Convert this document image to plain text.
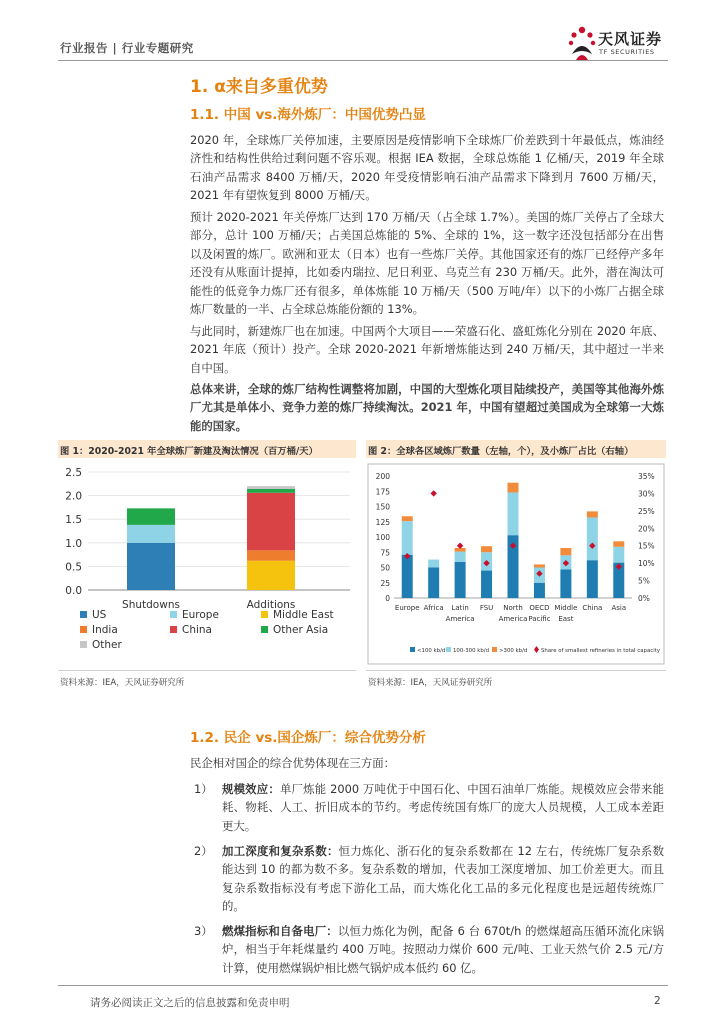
行业报告 | 行业专题研究	天风证券
TF SECURITIES
1. α来自多重优势
1.1. 中国 vs.海外炼厂：中国优势凸显

2020 年，全球炼厂关停加速，主要原因是疫情影响下全球炼厂价差跌到十年最低点，炼油经济性和结构性供给过剩问题不容乐观。根据 IEA 数据，全球总炼能 1 亿桶/天，2019 年全球石油产品需求 8400 万桶/天，2020 年受疫情影响石油产品需求下降到月 7600 万桶/天，2021 年有望恢复到 8000 万桶/天。

预计 2020-2021 年关停炼厂达到 170 万桶/天（占全球 1.7%）。美国的炼厂关停占了全球大部分，总计 100 万桶/天；占美国总炼能的 5%、全球的 1%，这一数字还没包括部分在出售以及闲置的炼厂。欧洲和亚太（日本）也有一些炼厂关停。其他国家还有的炼厂已经停产多年还没有从账面计提掉，比如委内瑞拉、尼日利亚、乌克兰有 230 万桶/天。此外，潜在淘汰可能性的低竞争力炼厂还有很多，单体炼能 10 万桶/天（500 万吨/年）以下的小炼厂占据全球炼厂数量的一半、占全球总炼能份额的 13%。

与此同时，新建炼厂也在加速。中国两个大项目——荣盛石化、盛虹炼化分别在 2020 年底、2021 年底（预计）投产。全球 2020-2021 年新增炼能达到 240 万桶/天，其中超过一半来自中国。

总体来讲，全球的炼厂结构性调整将加剧，中国的大型炼化项目陆续投产，美国等其他海外炼厂尤其是单体小、竞争力差的炼厂持续淘汰。2021 年，中国有望超过美国成为全球第一大炼能的国家。

图 1：2020-2021 年全球炼厂新建及淘汰情况（百万桶/天）
0.0
0.5
1.0
1.5
2.0
2.5
Shutdowns	Additions
US	Europe	Middle East
India	China	Other Asia
Other
资料来源：IEA，天风证券研究所
图 2：全球各区域炼厂数量（左轴，个），及小炼厂占比（右轴）
0
25
50
75
100
125
150
175
200
0%
5%
10%
15%
20%
25%
30%
35%
Europe Africa Latin
America
FSU North
America
OECD
Pacific
Middle
East
China Asia
<100 kb/d 100-300 kb/d >300 kb/d	Share of smallest refineries in total capacity
资料来源：IEA，天风证券研究所
1.2. 民企 vs.国企炼厂：综合优势分析
民企相对国企的综合优势体现在三方面：
1） 规模效应：单厂炼能 2000 万吨优于中国石化、中国石油单厂炼能。规模效应会带来能耗、物耗、人工、折旧成本的节约。考虑传统国有炼厂的庞大人员规模，人工成本差距更大。
2） 加工深度和复杂系数：恒力炼化、浙石化的复杂系数都在 12 左右，传统炼厂复杂系数能达到 10 的都为数不多。复杂系数的增加，代表加工深度增加、加工价差更大。而且复杂系数指标没有考虑下游化工品，而大炼化化工品的多元化程度也是远超传统炼厂的。
3） 燃煤指标和自备电厂：以恒力炼化为例，配备 6 台 670t/h 的燃煤超高压循环流化床锅炉，相当于年耗煤量约 400 万吨。按照动力煤价 600 元/吨、工业天然气价 2.5 元/方计算，使用燃煤锅炉相比燃气锅炉成本低约 60 亿。
请务必阅读正文之后的信息披露和免责申明	2
